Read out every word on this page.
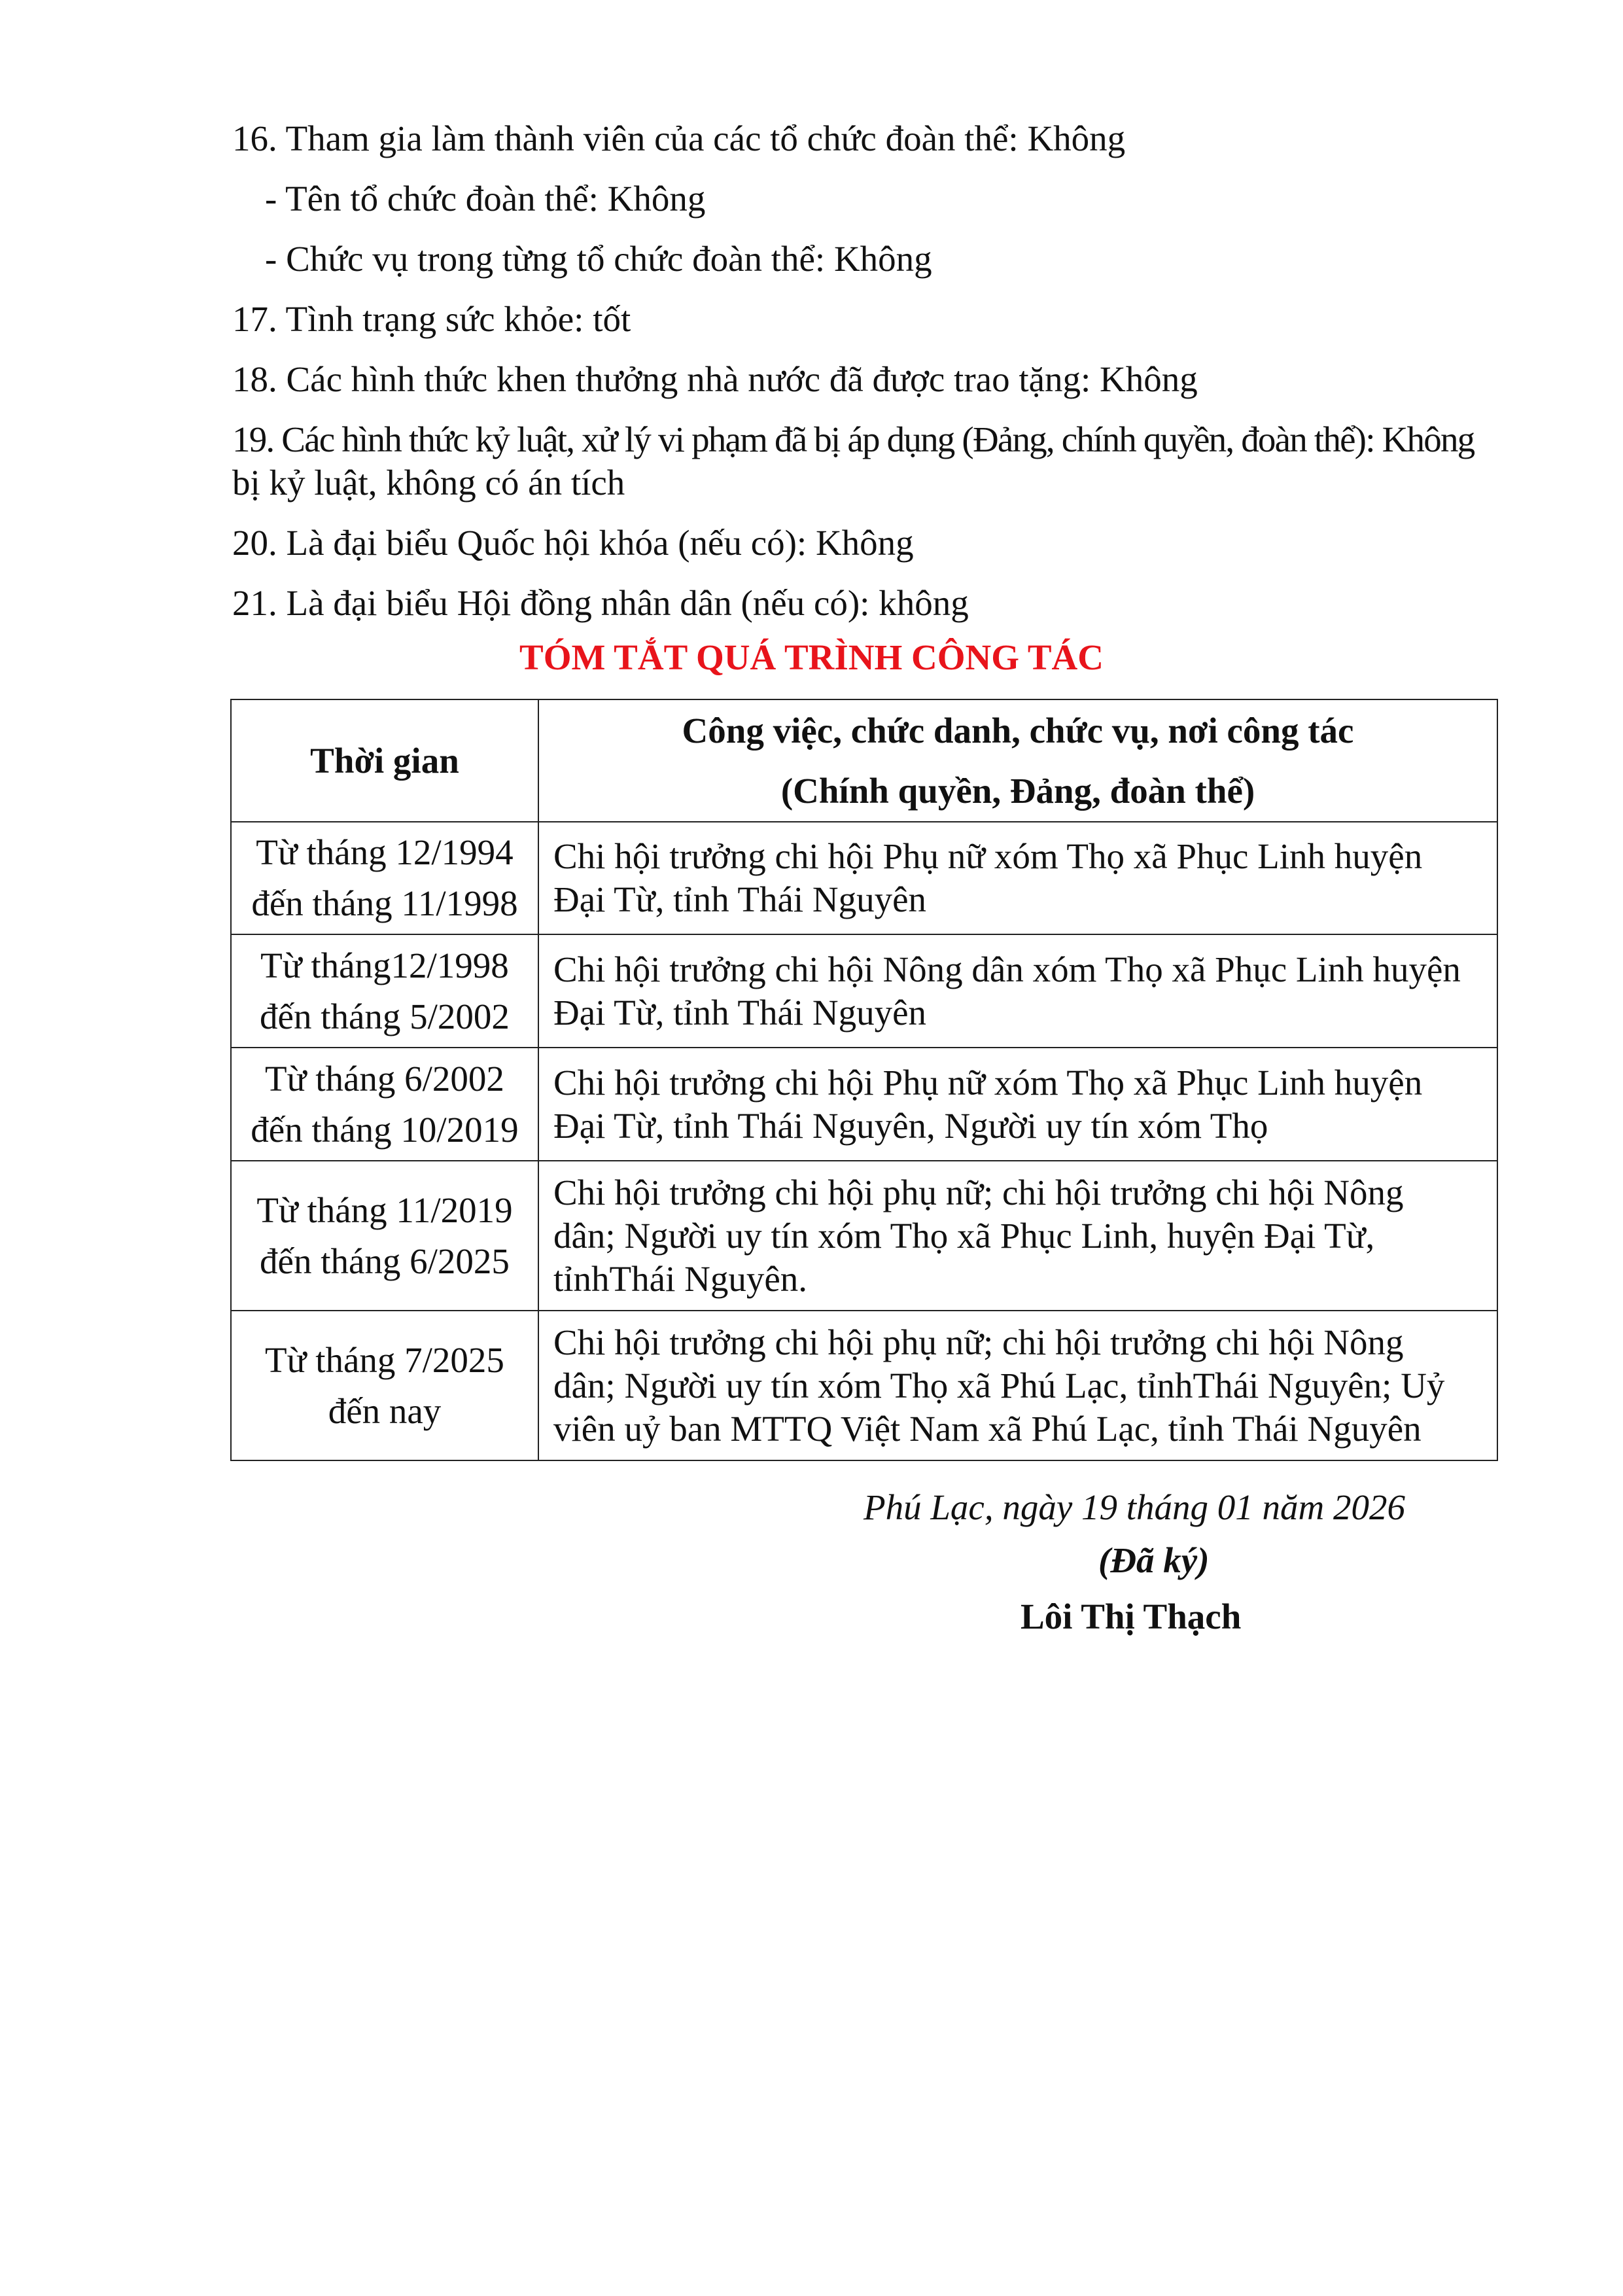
16. Tham gia làm thành viên của các tổ chức đoàn thể: Không

- Tên tổ chức đoàn thể: Không

- Chức vụ trong từng tổ chức đoàn thể: Không

17. Tình trạng sức khỏe: tốt

18. Các hình thức khen thưởng nhà nước đã được trao tặng: Không

19. Các hình thức kỷ luật, xử lý vi phạm đã bị áp dụng (Đảng, chính quyền, đoàn thể): Không

bị kỷ luật, không có án tích

20. Là đại biểu Quốc hội khóa (nếu có): Không

21. Là đại biểu Hội đồng nhân dân (nếu có): không

TÓM TẮT QUÁ TRÌNH CÔNG TÁC

Thời gian	Công việc, chức danh, chức vụ, nơi công tác
(Chính quyền, Đảng, đoàn thể)

Từ tháng 12/1994
đến tháng 11/1998	Chi hội trưởng chi hội Phụ nữ xóm Thọ xã Phục Linh huyện
Đại Từ, tỉnh Thái Nguyên

Từ tháng12/1998
đến tháng 5/2002	Chi hội trưởng chi hội Nông dân xóm Thọ xã Phục Linh huyện
Đại Từ, tỉnh Thái Nguyên

Từ tháng 6/2002
đến tháng 10/2019	Chi hội trưởng chi hội Phụ nữ xóm Thọ xã Phục Linh huyện
Đại Từ, tỉnh Thái Nguyên, Người uy tín xóm Thọ

Từ tháng 11/2019
đến tháng 6/2025	Chi hội trưởng chi hội phụ nữ; chi hội trưởng chi hội Nông
dân; Người uy tín xóm Thọ xã Phục Linh, huyện Đại Từ,
tỉnhThái Nguyên.

Từ tháng 7/2025
đến nay	Chi hội trưởng chi hội phụ nữ; chi hội trưởng chi hội Nông
dân; Người uy tín xóm Thọ xã Phú Lạc, tỉnhThái Nguyên; Uỷ
viên uỷ ban MTTQ Việt Nam xã Phú Lạc, tỉnh Thái Nguyên

Phú Lạc, ngày 19 tháng 01 năm 2026

(Đã ký)

Lôi Thị Thạch
